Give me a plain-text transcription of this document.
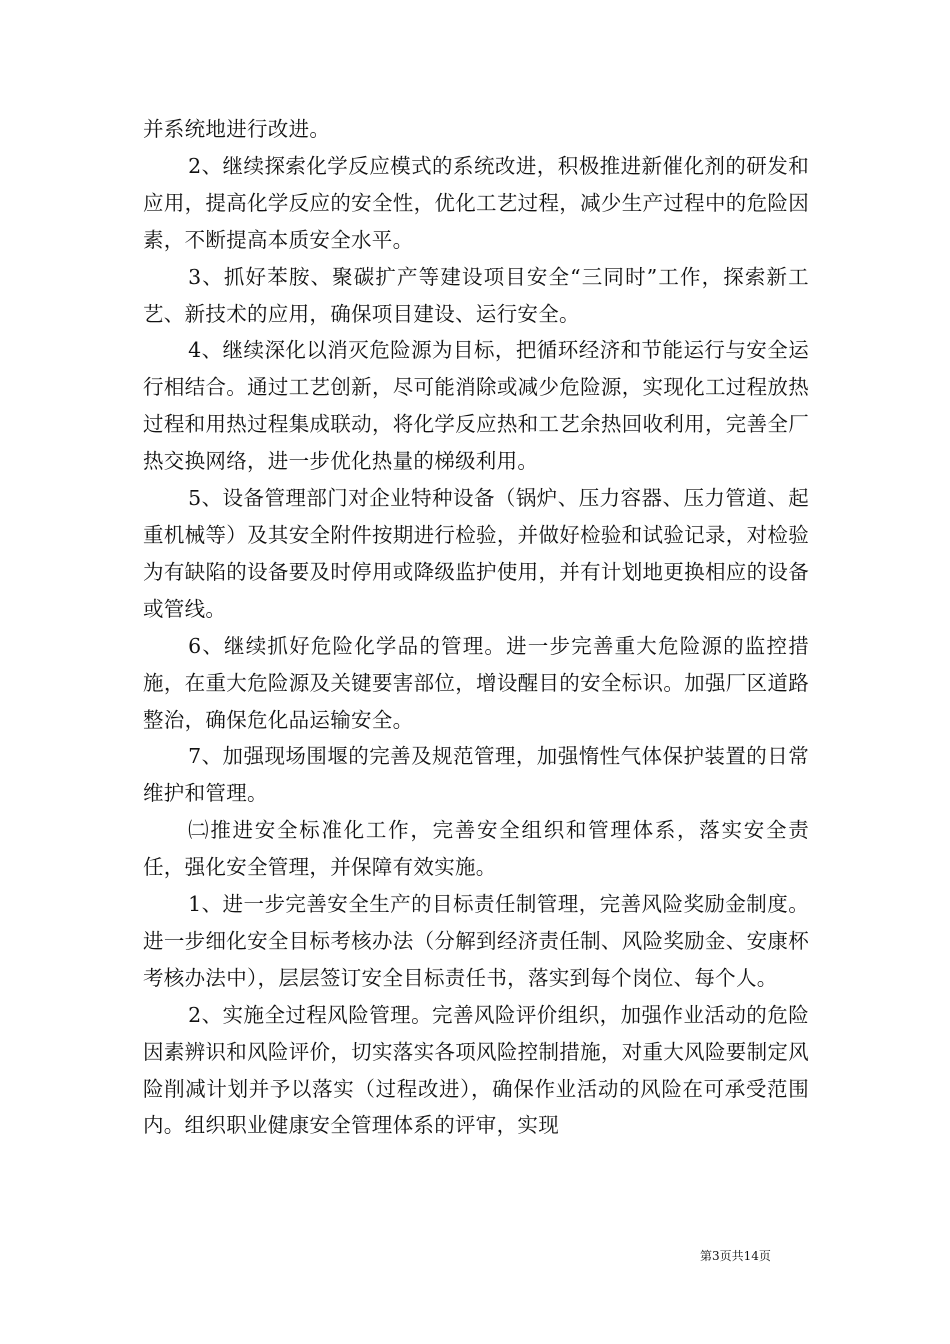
并系统地进行改进。

2、继续探索化学反应模式的系统改进，积极推进新催化剂的研发和应用，提高化学反应的安全性，优化工艺过程，减少生产过程中的危险因素，不断提高本质安全水平。

3、抓好苯胺、聚碳扩产等建设项目安全“三同时”工作，探索新工艺、新技术的应用，确保项目建设、运行安全。

4、继续深化以消灭危险源为目标，把循环经济和节能运行与安全运行相结合。通过工艺创新，尽可能消除或减少危险源，实现化工过程放热过程和用热过程集成联动，将化学反应热和工艺余热回收利用，完善全厂热交换网络，进一步优化热量的梯级利用。

5、设备管理部门对企业特种设备（锅炉、压力容器、压力管道、起重机械等）及其安全附件按期进行检验，并做好检验和试验记录，对检验为有缺陷的设备要及时停用或降级监护使用，并有计划地更换相应的设备或管线。

6、继续抓好危险化学品的管理。进一步完善重大危险源的监控措施，在重大危险源及关键要害部位，增设醒目的安全标识。加强厂区道路整治，确保危化品运输安全。

7、加强现场围堰的完善及规范管理，加强惰性气体保护装置的日常维护和管理。

㈡推进安全标准化工作，完善安全组织和管理体系，落实安全责任，强化安全管理，并保障有效实施。

1、进一步完善安全生产的目标责任制管理，完善风险奖励金制度。进一步细化安全目标考核办法（分解到经济责任制、风险奖励金、安康杯考核办法中），层层签订安全目标责任书，落实到每个岗位、每个人。

2、实施全过程风险管理。完善风险评价组织，加强作业活动的危险因素辨识和风险评价，切实落实各项风险控制措施，对重大风险要制定风险削减计划并予以落实（过程改进），确保作业活动的风险在可承受范围内。组织职业健康安全管理体系的评审，实现

第3页共14页
